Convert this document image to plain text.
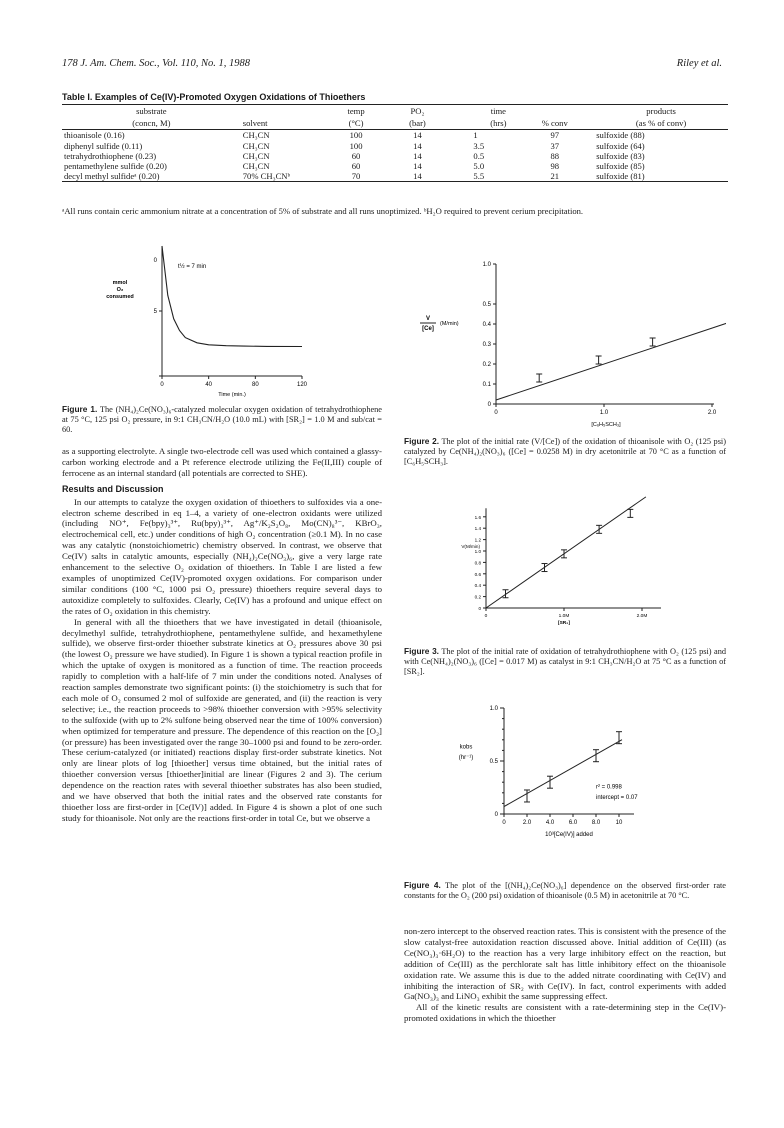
178 J. Am. Chem. Soc., Vol. 110, No. 1, 1988	Riley et al.
Table I. Examples of Ce(IV)-Promoted Oxygen Oxidations of Thioethers
substrate		temp	PO₂	time		products
(concn, M)	solvent	(°C)	(bar)	(hrs)	% conv	(as % of conv)
thioanisole (0.16)	CH₃CN	100	14	1	97	sulfoxide (88)
diphenyl sulfide (0.11)	CH₃CN	100	14	3.5	37	sulfoxide (64)
tetrahydrothiophene (0.23)	CH₃CN	60	14	0.5	88	sulfoxide (83)
pentamethylene sulfide (0.20)	CH₃CN	60	14	5.0	98	sulfoxide (85)
decyl methyl sulfideᵃ (0.20)	70% CH₃CNᵇ	70	14	5.5	21	sulfoxide (81)
ᵃAll runs contain ceric ammonium nitrate at a concentration of 5% of substrate and all runs unoptimized. ᵇH₂O required to prevent cerium precipitation.
0
5
0	40	80	120
t½ = 7 min
mmol
O₂
consumed
Time (min.)
Figure 1. The (NH₄)₂Ce(NO₃)₆-catalyzed molecular oxygen oxidation of tetrahydrothiophene at 75 °C, 125 psi O₂ pressure, in 9:1 CH₃CN/H₂O (10.0 mL) with [SR₂] = 1.0 M and sub/cat = 60.

as a supporting electrolyte. A single two-electrode cell was used which contained a glassy-carbon working electrode and a Pt reference electrode utilizing the Fe(II,III) couple of ferrocene as an internal standard (all potentials are corrected to SHE).

Results and Discussion

In our attempts to catalyze the oxygen oxidation of thioethers to sulfoxides via a one-electron scheme described in eq 1–4, a variety of one-electron oxidants were utilized (including NO⁺, Fe(bpy)₃³⁺, Ru(bpy)₃³⁺, Ag⁺/K₂S₂O₈, Mo(CN)₈³⁻, KBrO₃, electrochemical cell, etc.) under conditions of high O₂ concentration (≥0.1 M). In no case was any catalytic (nonstoichiometric) chemistry observed. In contrast, we observe that Ce(IV) salts in catalytic amounts, especially (NH₄)₂Ce(NO₃)₆, give a very large rate enhancement to the selective O₂ oxidation of thioethers. In Table I are listed a few examples of unoptimized Ce(IV)-promoted oxygen oxidations. For comparison under similar conditions (100 °C, 1000 psi O₂ pressure) thioethers require several days to autoxidize completely to sulfoxides. Clearly, Ce(IV) has a profound and unique effect on the rates of O₂ oxidation in this chemistry.

In general with all the thioethers that we have investigated in detail (thioanisole, decylmethyl sulfide, tetrahydrothiophene, pentamethylene sulfide, and hexamethylene sulfide), we observe first-order thioether substrate kinetics at O₂ pressures above 30 psi (the lowest O₂ pressure we have studied). In Figure 1 is shown a typical reaction profile in which the uptake of oxygen is monitored as a function of time. The reaction proceeds rapidly to completion with a half-life of 7 min under the conditions noted. Analyses of reaction samples demonstrate two significant points: (i) the stoichiometry is such that for each mole of O₂ consumed 2 mol of sulfoxide are generated, and (ii) the reaction is very selective; i.e., the reaction proceeds to >98% thioether conversion with >95% selectivity to the sulfoxide (with up to 2% sulfone being observed near the time of 100% conversion) when optimized for temperature and pressure. The dependence of this reaction on the [O₂] (or pressure) has been investigated over the range 30–1000 psi and found to be zero-order. These cerium-catalyzed (or initiated) reactions display first-order substrate kinetics. Not only are linear plots of log [thioether] versus time obtained, but the initial rates of thioether conversion versus [thioether]initial are linear (Figures 2 and 3). The cerium dependence on the reaction rates with several thioether substrates has also been studied, and we have observed that both the initial rates and the observed rate constants for thioether loss are first-order in [Ce(IV)] added. In Figure 4 is shown a plot of one such study for thioanisole. Not only are the reactions first-order in total Ce, but we observe a

0
0.1
0.2
0.3
0.4
0.5
1.0
0	1.0	2.0
V
[Ce]
(M/min)
[C₆H₅SCH₃]
Figure 2. The plot of the initial rate (V/[Ce]) of the oxidation of thioanisole with O₂ (125 psi) catalyzed by Ce(NH₄)₂(NO₃)₆ ([Ce] = 0.0258 M) in dry acetonitrile at 70 °C as a function of [C₆H₅SCH₃].
0
0.2
0.4
0.6
0.8
1.0
1.2
1.4
1.6
0	1.0M	2.0M
V(M/min)
[SR₂]
Figure 3. The plot of the initial rate of oxidation of tetrahydrothiophene with O₂ (125 psi) and with Ce(NH₄)₂(NO₃)₆ ([Ce] = 0.017 M) as catalyst in 9:1 CH₃CN/H₂O at 75 °C as a function of [SR₂].
0
0.5
1.0
0	2.0 4.0 6.0 8.0	10
kobs
(hr⁻¹)
r² = 0.998
intercept = 0.07
10³[Ce(IV)] added
Figure 4. The plot of the [(NH₄)₂Ce(NO₃)₆] dependence on the observed first-order rate constants for the O₂ (200 psi) oxidation of thioanisole (0.5 M) in acetonitrile at 70 °C.

non-zero intercept to the observed reaction rates. This is consistent with the presence of the slow catalyst-free autoxidation reaction discussed above. Initial addition of Ce(III) (as Ce(NO₃)₃·6H₂O) to the reaction has a very large inhibitory effect on the reaction, but addition of Ce(III) as the perchlorate salt has little inhibitory effect on the thioanisole oxidation rate. We assume this is due to the added nitrate coordinating with Ce(IV) and inhibiting the interaction of SR₂ with Ce(IV). In fact, control experiments with added Ga(NO₃)₃ and LiNO₃ exhibit the same suppressing effect.

All of the kinetic results are consistent with a rate-determining step in the Ce(IV)-promoted oxidations in which the thioether
